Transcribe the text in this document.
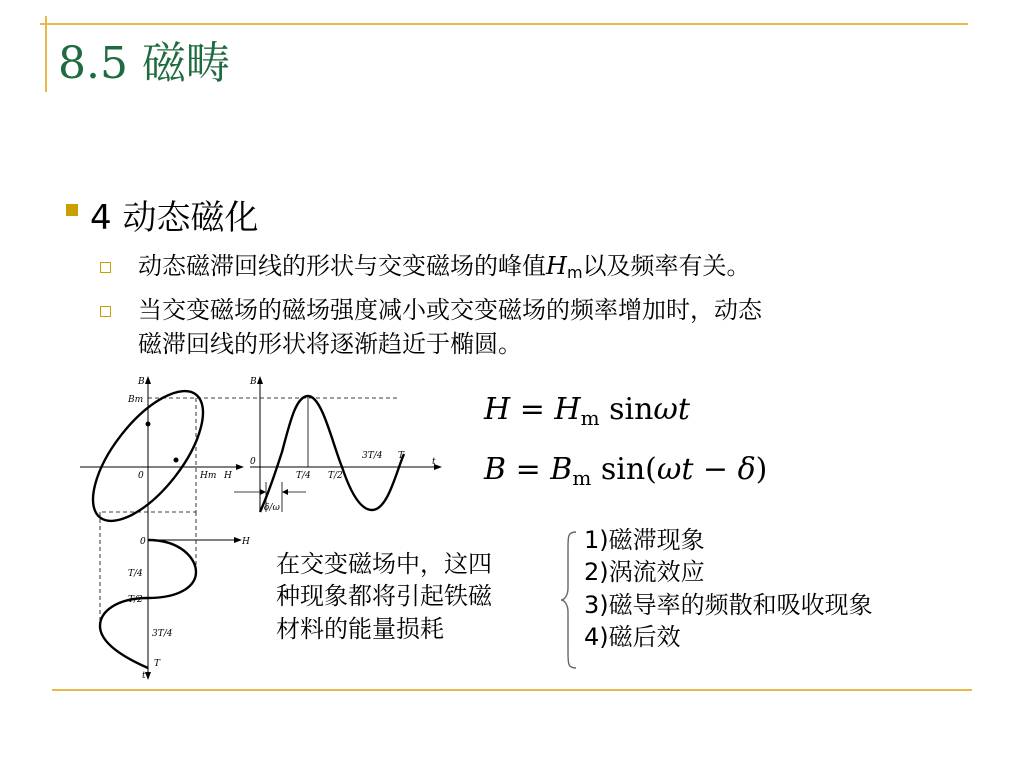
8.5 磁畴
4 动态磁化
动态磁滞回线的形状与交变磁场的峰值$H_m$以及频率有关。
当交变磁场的磁场强度减小或交变磁场的频率增加时，动态
磁滞回线的形状将逐渐趋近于椭圆。
$H = H_m$ sinωt
$B = B_m$ sin(ωt − δ)
B
Bm
0	Hm H
B
0
T/4 T/2
3T/4 T
t
δ/ω
0	H
T/4
T/2
3T/4
T
t
在交变磁场中，这四
种现象都将引起铁磁
材料的能量损耗
1)磁滞现象
2)涡流效应
3)磁导率的频散和吸收现象
4)磁后效
